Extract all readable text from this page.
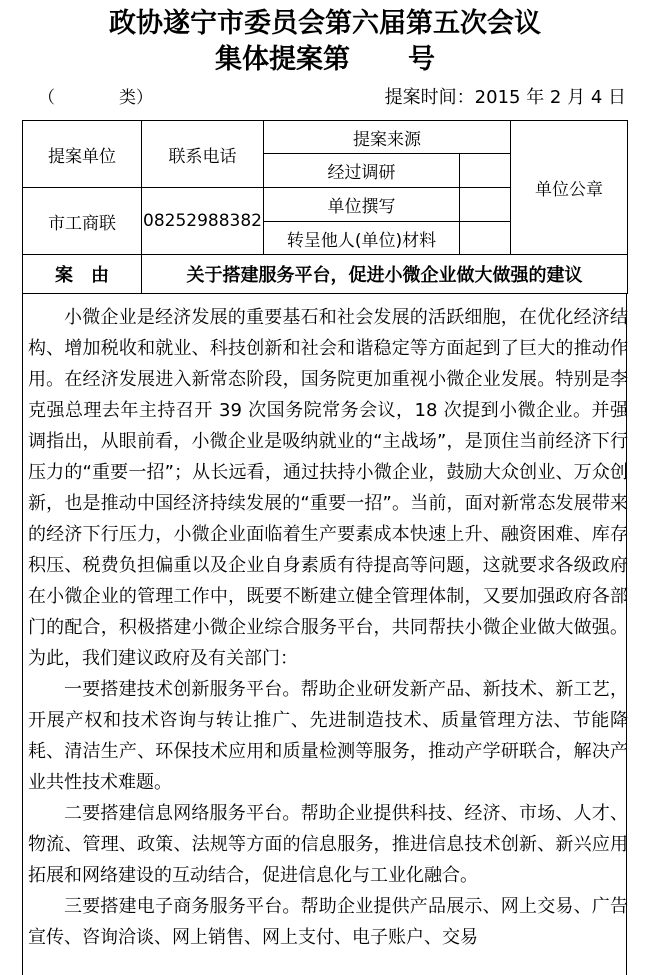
政协遂宁市委员会第六届第五次会议
集体提案第 号
（	类）	提案时间：2015 年 2 月 4 日
提案单位	联系电话	提案来源		单位公章
		经过调研		
市工商联	08252988382	单位撰写		
		转呈他人(单位)材料		
案　由	关于搭建服务平台，促进小微企业做大做强的建议			

小微企业是经济发展的重要基石和社会发展的活跃细胞，在优化经济结构、增加税收和就业、科技创新和社会和谐稳定等方面起到了巨大的推动作用。在经济发展进入新常态阶段，国务院更加重视小微企业发展。特别是李克强总理去年主持召开 39 次国务院常务会议，18 次提到小微企业。并强调指出，从眼前看，小微企业是吸纳就业的“主战场”，是顶住当前经济下行压力的“重要一招”；从长远看，通过扶持小微企业，鼓励大众创业、万众创新，也是推动中国经济持续发展的“重要一招”。当前，面对新常态发展带来的经济下行压力，小微企业面临着生产要素成本快速上升、融资困难、库存积压、税费负担偏重以及企业自身素质有待提高等问题，这就要求各级政府在小微企业的管理工作中，既要不断建立健全管理体制，又要加强政府各部门的配合，积极搭建小微企业综合服务平台，共同帮扶小微企业做大做强。为此，我们建议政府及有关部门：

一要搭建技术创新服务平台。帮助企业研发新产品、新技术、新工艺，开展产权和技术咨询与转让推广、先进制造技术、质量管理方法、节能降耗、清洁生产、环保技术应用和质量检测等服务，推动产学研联合，解决产业共性技术难题。

二要搭建信息网络服务平台。帮助企业提供科技、经济、市场、人才、物流、管理、政策、法规等方面的信息服务，推进信息技术创新、新兴应用拓展和网络建设的互动结合，促进信息化与工业化融合。

三要搭建电子商务服务平台。帮助企业提供产品展示、网上交易、广告宣传、咨询洽谈、网上销售、网上支付、电子账户、交易
